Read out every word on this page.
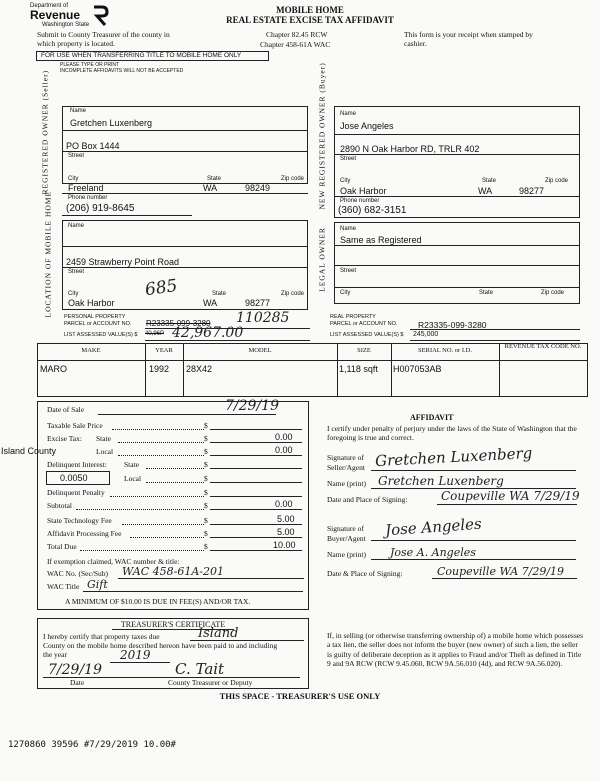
Department of
Revenue
Washington State
MOBILE HOME
REAL ESTATE EXCISE TAX AFFIDAVIT
Submit to County Treasurer of the county in which property is located.
Chapter 82.45 RCW
Chapter 458-61A WAC
This form is your receipt when stamped by cashier.
FOR USE WHEN TRANSFERRING TITLE TO MOBILE HOME ONLY
PLEASE TYPE OR PRINT
INCOMPLETE AFFIDAVITS WILL NOT BE ACCEPTED
REGISTERED OWNER (Seller)	Name
Gretchen Luxenberg
PO Box 1444
Street
City	State	Zip code
Freeland	WA	98249
Phone number
(206) 919-8645	NEW REGISTERED OWNER (Buyer) Name
Jose Angeles
2890 N Oak Harbor RD, TRLR 402
Street
City	State	Zip code
Oak Harbor	WA	98277
Phone number
(360) 682-3151
LOCATION OF MOBILE HOME	Name
2459 Strawberry Point Road
Street
City	State	Zip code
Oak Harbor	WA	98277
685	LEGAL OWNER Name
Same as Registered
Street
City	State	Zip code
PERSONAL PROPERTY
PARCEL or ACCOUNT NO. R23335-099-3280 110285
LIST ASSESSED VALUE(S) $ 40,96P 42,967.00
REAL PROPERTY
PARCEL or ACCOUNT NO. R23335-099-3280
LIST ASSESSED VALUE(S) $ 245,000
MAKE	YEAR	MODEL	SIZE	SERIAL NO. or I.D.
REVENUE TAX CODE NO.
MARO	1992 28X42	1,118 sqft H007053AB
Date of Sale	7/29/19
Taxable Sale Price	$
Excise Tax: State	$	0.00
Island County	Local	$	0.00
Delinquent Interest: State	$
0.0050	Local	$
Delinquent Penalty	$
Subtotal	$	0.00
State Technology Fee	$	5.00
Affidavit Processing Fee	$	5.00
Total Due	$	10.00
If exemption claimed, WAC number & title:
WAC No. (Sec/Sub) WAC 458-61A-201
WAC Title Gift
A MINIMUM OF $10.00 IS DUE IN FEE(S) AND/OR TAX.
AFFIDAVIT
I certify under penalty of perjury under the laws of the State of Washington that the foregoing is true and correct.
Signature of Seller/Agent Gretchen Luxenberg
Name (print) Gretchen Luxenberg
Date and Place of Signing:	Coupeville WA 7/29/19
Signature of Buyer/Agent	Jose Angeles
Name (print) Jose A. Angeles
Date & Place of Signing:	Coupeville WA 7/29/19
TREASURER'S CERTIFICATE
I hereby certify that property taxes due	Island
County on the mobile home described hereon have been paid to and including the year	2019
7/29/19	C. Tait
Date	County Treasurer or Deputy
If, in selling (or otherwise transferring ownership of) a mobile home which possesses a tax lien, the seller does not inform the buyer (new owner) of such a lien, the seller is guilty of deliberate deception as it applies to Fraud and/or Theft as defined in Title 9 and 9A RCW (RCW 9.45.060, RCW 9A.56.010 (4d), and RCW 9A.56.020).
THIS SPACE - TREASURER'S USE ONLY
1270860 39596 #7/29/2019 10.00#
